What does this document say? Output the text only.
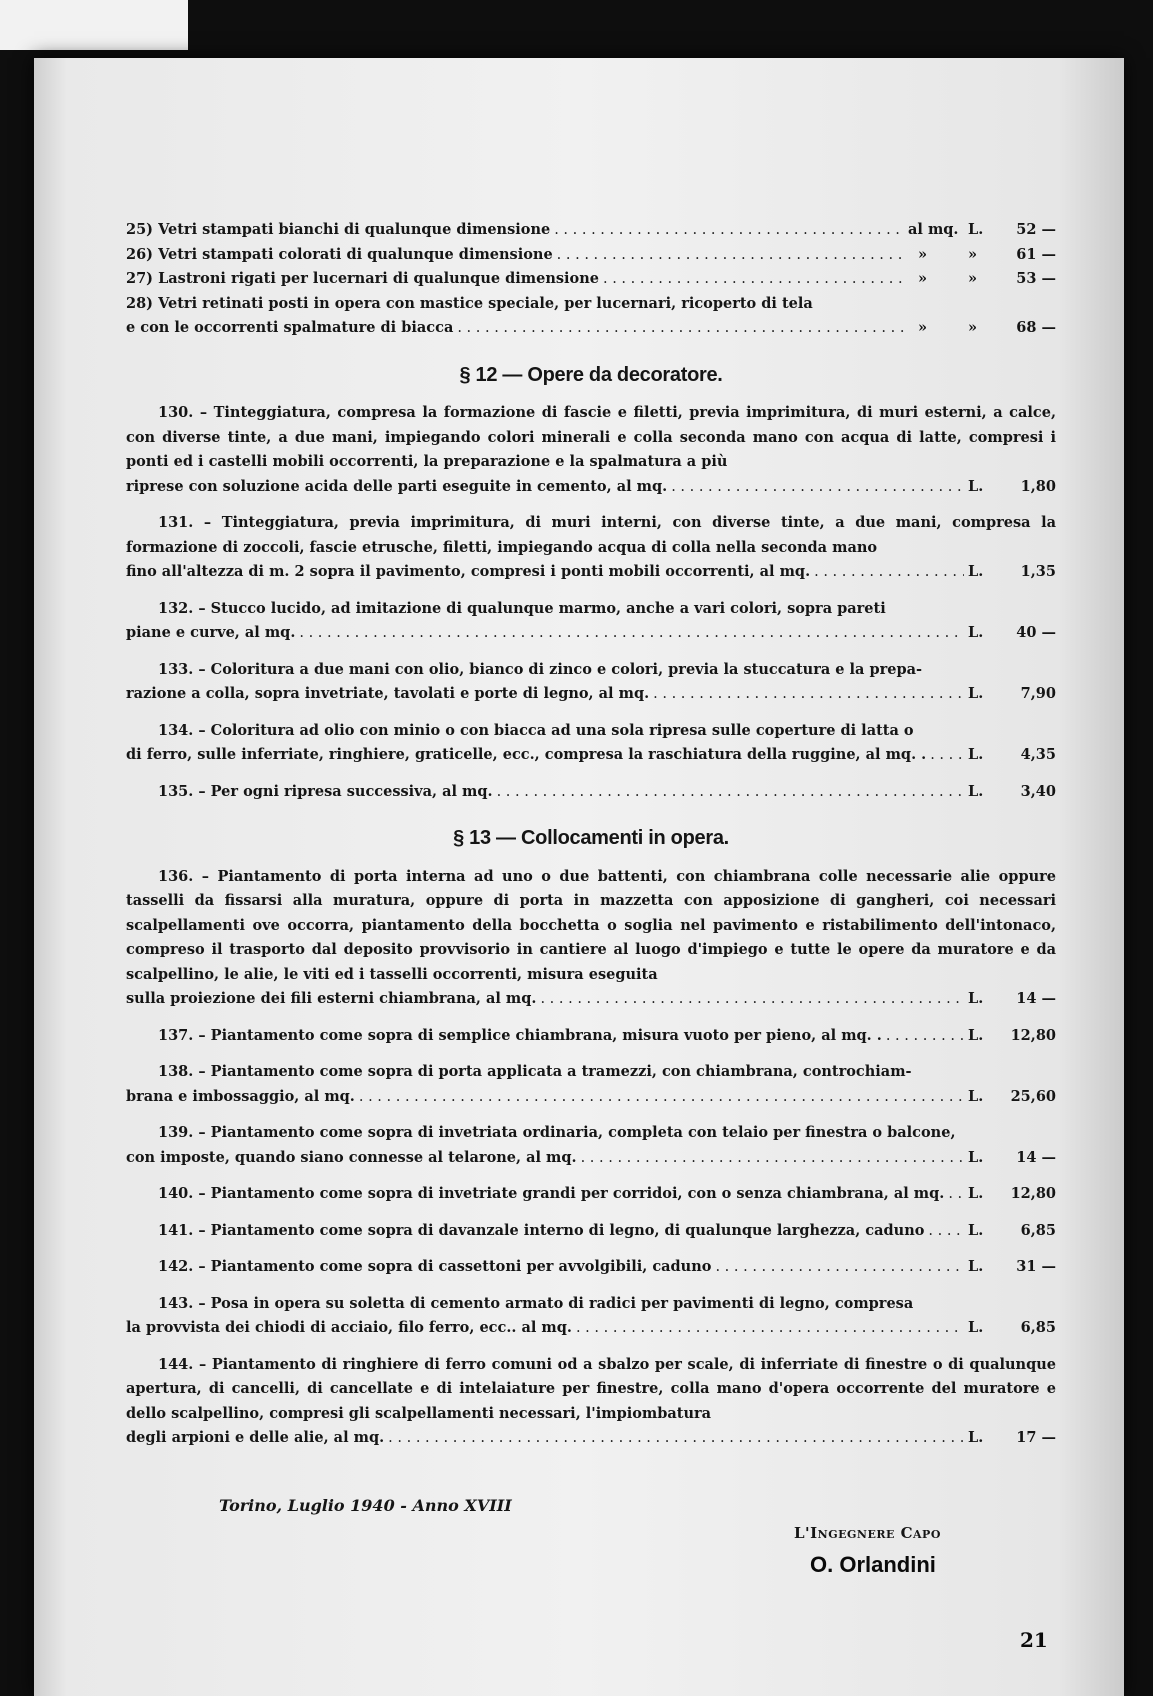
25) Vetri stampati bianchi di qualunque dimensione . . .	al mq. L.	52 —
26) Vetri stampati colorati di qualunque dimensione . . .	»	»	61 —
27) Lastroni rigati per lucernari di qualunque dimensione . . .	»	»	53 —
28) Vetri retinati posti in opera con mastice speciale, per lucernari, ricoperto di tela
e con le occorrenti spalmature di biacca . . .	»	»	68 —
§ 12 — Opere da decoratore.
130. – Tinteggiatura, compresa la formazione di fascie e filetti, previa imprimitura, di muri esterni, a calce, con diverse tinte, a due mani, impiegando colori minerali e colla seconda mano con acqua di latte, compresi i ponti ed i castelli mobili occorrenti, la preparazione e la spalmatura a più
riprese con soluzione acida delle parti eseguite in cemento, al mq. . . .	L.	1,80
131. – Tinteggiatura, previa imprimitura, di muri interni, con diverse tinte, a due mani, compresa la formazione di zoccoli, fascie etrusche, filetti, impiegando acqua di colla nella seconda mano
fino all'altezza di m. 2 sopra il pavimento, compresi i ponti mobili occorrenti, al mq. . . .	L.	1,35
132. – Stucco lucido, ad imitazione di qualunque marmo, anche a vari colori, sopra pareti
piane e curve, al mq. . . .	L.	40 —
133. – Coloritura a due mani con olio, bianco di zinco e colori, previa la stuccatura e la prepa-
razione a colla, sopra invetriate, tavolati e porte di legno, al mq. . . .	L.	7,90
134. – Coloritura ad olio con minio o con biacca ad una sola ripresa sulle coperture di latta o
di ferro, sulle inferriate, ringhiere, graticelle, ecc., compresa la raschiatura della ruggine, al mq. . . . .	L.	4,35
135. – Per ogni ripresa successiva, al mq. . . .	L.	3,40
§ 13 — Collocamenti in opera.
136. – Piantamento di porta interna ad uno o due battenti, con chiambrana colle necessarie alie oppure tasselli da fissarsi alla muratura, oppure di porta in mazzetta con apposizione di gangheri, coi necessari scalpellamenti ove occorra, piantamento della bocchetta o soglia nel pavimento e ristabilimento dell'intonaco, compreso il trasporto dal deposito provvisorio in cantiere al luogo d'impiego e tutte le opere da muratore e da scalpellino, le alie, le viti ed i tasselli occorrenti, misura eseguita
sulla proiezione dei fili esterni chiambrana, al mq. . . .	L.	14 —
137. – Piantamento come sopra di semplice chiambrana, misura vuoto per pieno, al mq. . . . .	L.	12,80
138. – Piantamento come sopra di porta applicata a tramezzi, con chiambrana, controchiam-
brana e imbossaggio, al mq. . . .	L.	25,60
139. – Piantamento come sopra di invetriata ordinaria, completa con telaio per finestra o balcone,
con imposte, quando siano connesse al telarone, al mq. . . .	L.	14 —
140. – Piantamento come sopra di invetriate grandi per corridoi, con o senza chiambrana, al mq. . . . L.	12,80
141. – Piantamento come sopra di davanzale interno di legno, di qualunque larghezza, caduno . . .	L.	6,85
142. – Piantamento come sopra di cassettoni per avvolgibili, caduno . . .	L.	31 —
143. – Posa in opera su soletta di cemento armato di radici per pavimenti di legno, compresa
la provvista dei chiodi di acciaio, filo ferro, ecc.. al mq. . . .	L.	6,85
144. – Piantamento di ringhiere di ferro comuni od a sbalzo per scale, di inferriate di finestre o di qualunque apertura, di cancelli, di cancellate e di intelaiature per finestre, colla mano d'opera occorrente del muratore e dello scalpellino, compresi gli scalpellamenti necessari, l'impiombatura
degli arpioni e delle alie, al mq. . . .	L.	17 —
Torino, Luglio 1940 - Anno XVIII
L'Ingegnere Capo
O. Orlandini
21
